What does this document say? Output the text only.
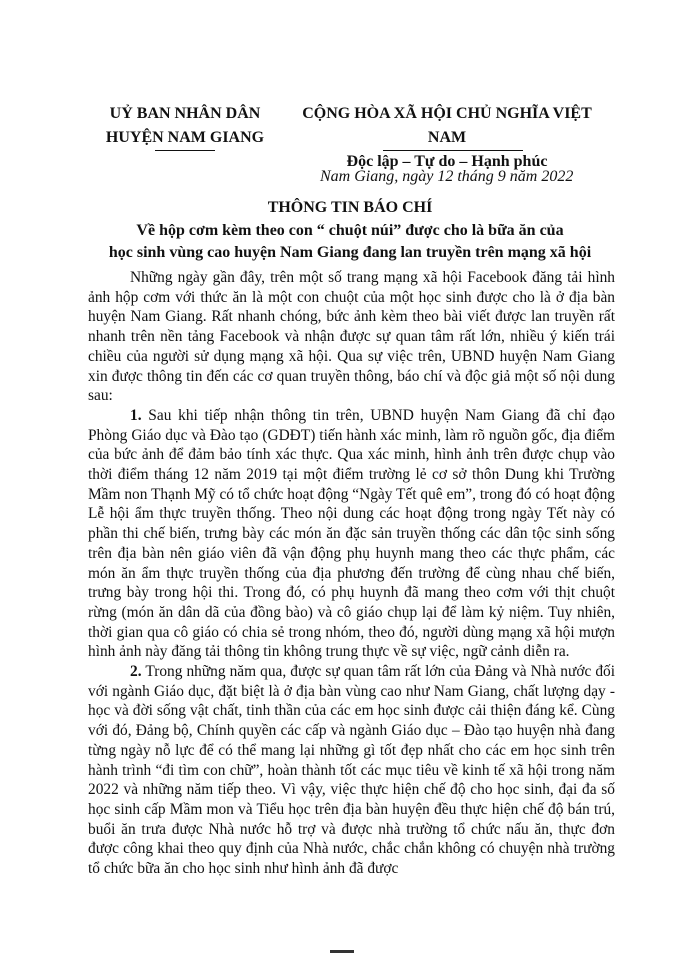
UỶ BAN NHÂN DÂN
HUYỆN NAM GIANG
CỘNG HÒA XÃ HỘI CHỦ NGHĨA VIỆT NAM
Độc lập – Tự do – Hạnh phúc
Nam Giang, ngày 12 tháng 9 năm 2022
THÔNG TIN BÁO CHÍ
Về hộp cơm kèm theo con “ chuột núi” được cho là bữa ăn của
học sinh vùng cao huyện Nam Giang đang lan truyền trên mạng xã hội

Những ngày gần đây, trên một số trang mạng xã hội Facebook đăng tải hình ảnh hộp cơm với thức ăn là một con chuột của một học sinh được cho là ở địa bàn huyện Nam Giang. Rất nhanh chóng, bức ảnh kèm theo bài viết được lan truyền rất nhanh trên nền tảng Facebook và nhận được sự quan tâm rất lớn, nhiều ý kiến trái chiều của người sử dụng mạng xã hội. Qua sự việc trên, UBND huyện Nam Giang xin được thông tin đến các cơ quan truyền thông, báo chí và độc giả một số nội dung sau:

1. Sau khi tiếp nhận thông tin trên, UBND huyện Nam Giang đã chỉ đạo Phòng Giáo dục và Đào tạo (GDĐT) tiến hành xác minh, làm rõ nguồn gốc, địa điểm của bức ảnh để đảm bảo tính xác thực. Qua xác minh, hình ảnh trên được chụp vào thời điểm tháng 12 năm 2019 tại một điểm trường lẻ cơ sở thôn Dung khi Trường Mầm non Thạnh Mỹ có tổ chức hoạt động “Ngày Tết quê em”, trong đó có hoạt động Lễ hội ẩm thực truyền thống. Theo nội dung các hoạt động trong ngày Tết này có phần thi chế biến, trưng bày các món ăn đặc sản truyền thống các dân tộc sinh sống trên địa bàn nên giáo viên đã vận động phụ huynh mang theo các thực phẩm, các món ăn ẩm thực truyền thống của địa phương đến trường để cùng nhau chế biến, trưng bày trong hội thi. Trong đó, có phụ huynh đã mang theo cơm với thịt chuột rừng (món ăn dân dã của đồng bào) và cô giáo chụp lại để làm kỷ niệm. Tuy nhiên, thời gian qua cô giáo có chia sẻ trong nhóm, theo đó, người dùng mạng xã hội mượn hình ảnh này đăng tải thông tin không trung thực về sự việc, ngữ cảnh diễn ra.

2. Trong những năm qua, được sự quan tâm rất lớn của Đảng và Nhà nước đối với ngành Giáo dục, đặt biệt là ở địa bàn vùng cao như Nam Giang, chất lượng dạy - học và đời sống vật chất, tinh thần của các em học sinh được cải thiện đáng kể. Cùng với đó, Đảng bộ, Chính quyền các cấp và ngành Giáo dục – Đào tạo huyện nhà đang từng ngày nỗ lực để có thể mang lại những gì tốt đẹp nhất cho các em học sinh trên hành trình “đi tìm con chữ”, hoàn thành tốt các mục tiêu về kinh tế xã hội trong năm 2022 và những năm tiếp theo. Vì vậy, việc thực hiện chế độ cho học sinh, đại đa số học sinh cấp Mầm mon và Tiểu học trên địa bàn huyện đều thực hiện chế độ bán trú, buổi ăn trưa được Nhà nước hỗ trợ và được nhà trường tổ chức nấu ăn, thực đơn được công khai theo quy định của Nhà nước, chắc chắn không có chuyện nhà trường tổ chức bữa ăn cho học sinh như hình ảnh đã được
